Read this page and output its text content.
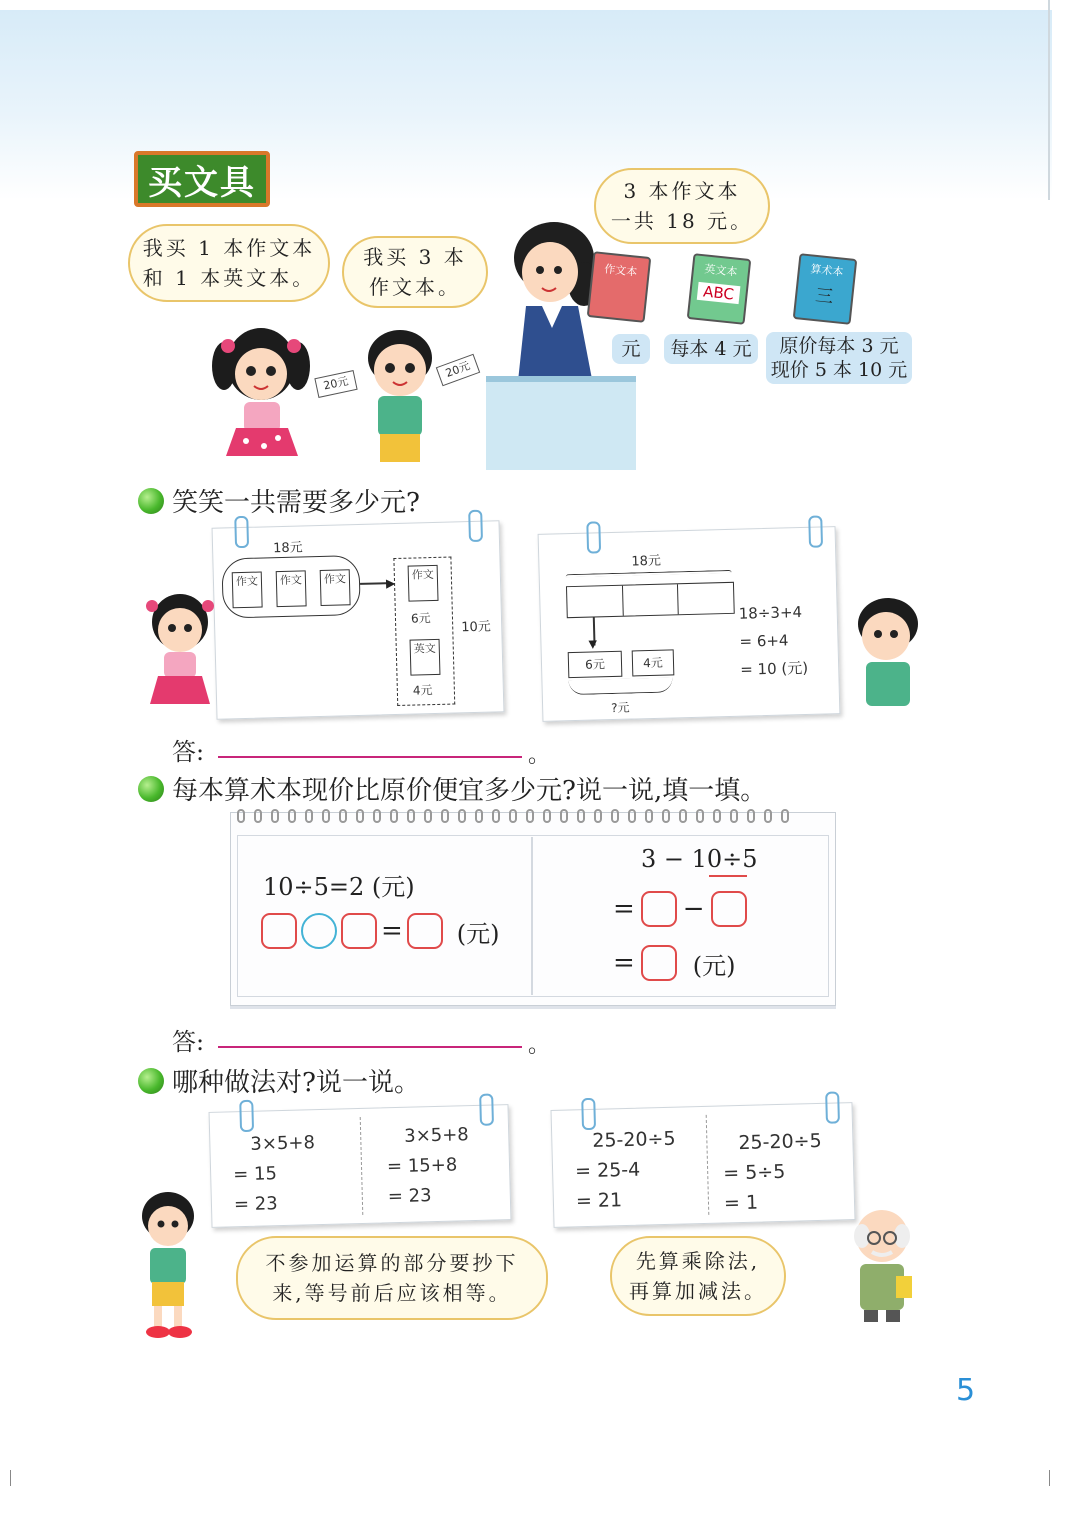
买文具
我买 1 本作文本
和 1 本英文本。
我买 3 本
作文本。
3 本作文本
一共 18 元。
20元
20元
作文本	英文本
ABC
算术本
三
元	每本 4 元	原价每本 3 元
现价 5 本 10 元
笑笑一共需要多少元?
18元
作文	作文	作文	▶
作文
6元
英文
4元
10元
18元
▼
6元	4元
?元
18÷3+4
= 6+4
= 10 (元)
答:	。
每本算术本现价比原价便宜多少元?说一说,填一填。
10÷5=2 (元)
= (元)
3 − 10÷5
= −
= (元)
答:	。
哪种做法对?说一说。
3×5+8
= 15
= 23
3×5+8
= 15+8
= 23
25-20÷5
= 25-4
= 21
25-20÷5
= 5÷5
= 1
不参加运算的部分要抄下
来,等号前后应该相等。
先算乘除法,
再算加减法。
5
